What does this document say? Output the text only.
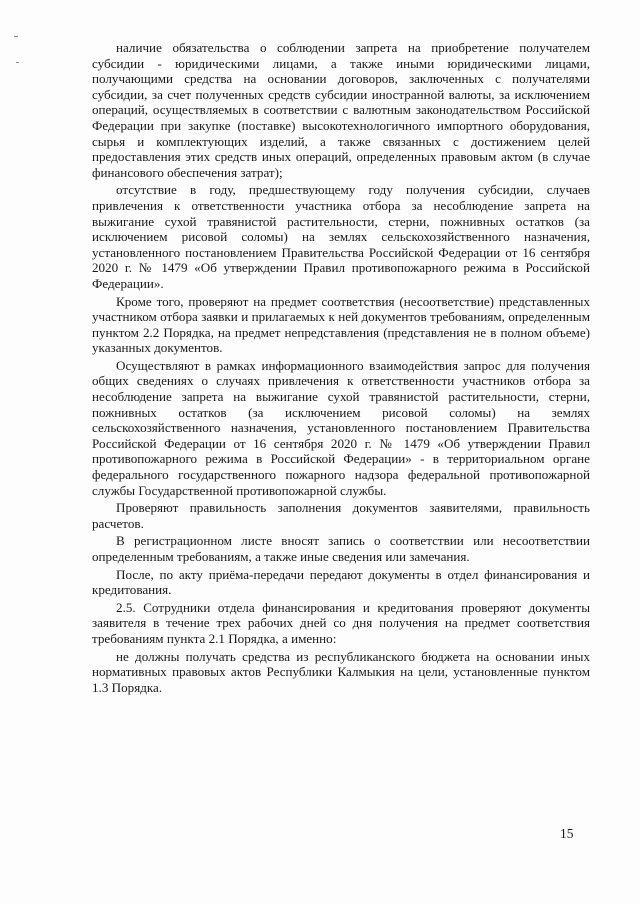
наличие обязательства о соблюдении запрета на приобретение получателем субсидии - юридическими лицами, а также иными юридическими лицами, получающими средства на основании договоров, заключенных с получателями субсидии, за счет полученных средств субсидии иностранной валюты, за исключением операций, осуществляемых в соответствии с валютным законодательством Российской Федерации при закупке (поставке) высокотехнологичного импортного оборудования, сырья и комплектующих изделий, а также связанных с достижением целей предоставления этих средств иных операций, определенных правовым актом (в случае финансового обеспечения затрат);

отсутствие в году, предшествующему году получения субсидии, случаев привлечения к ответственности участника отбора за несоблюдение запрета на выжигание сухой травянистой растительности, стерни, пожнивных остатков (за исключением рисовой соломы) на землях сельскохозяйственного назначения, установленного постановлением Правительства Российской Федерации от 16 сентября 2020 г. № 1479 «Об утверждении Правил противопожарного режима в Российской Федерации».

Кроме того, проверяют на предмет соответствия (несоответствие) представленных участником отбора заявки и прилагаемых к ней документов требованиям, определенным пунктом 2.2 Порядка, на предмет непредставления (представления не в полном объеме) указанных документов.

Осуществляют в рамках информационного взаимодействия запрос для получения общих сведениях о случаях привлечения к ответственности участников отбора за несоблюдение запрета на выжигание сухой травянистой растительности, стерни, пожнивных остатков (за исключением рисовой соломы) на землях сельскохозяйственного назначения, установленного постановлением Правительства Российской Федерации от 16 сентября 2020 г. № 1479 «Об утверждении Правил противопожарного режима в Российской Федерации» - в территориальном органе федерального государственного пожарного надзора федеральной противопожарной службы Государственной противопожарной службы.

Проверяют правильность заполнения документов заявителями, правильность расчетов.

В регистрационном листе вносят запись о соответствии или несоответствии определенным требованиям, а также иные сведения или замечания.

После, по акту приёма-передачи передают документы в отдел финансирования и кредитования.

2.5. Сотрудники отдела финансирования и кредитования проверяют документы заявителя в течение трех рабочих дней со дня получения на предмет соответствия требованиям пункта 2.1 Порядка, а именно:

не должны получать средства из республиканского бюджета на основании иных нормативных правовых актов Республики Калмыкия на цели, установленные пунктом 1.3 Порядка.

15
